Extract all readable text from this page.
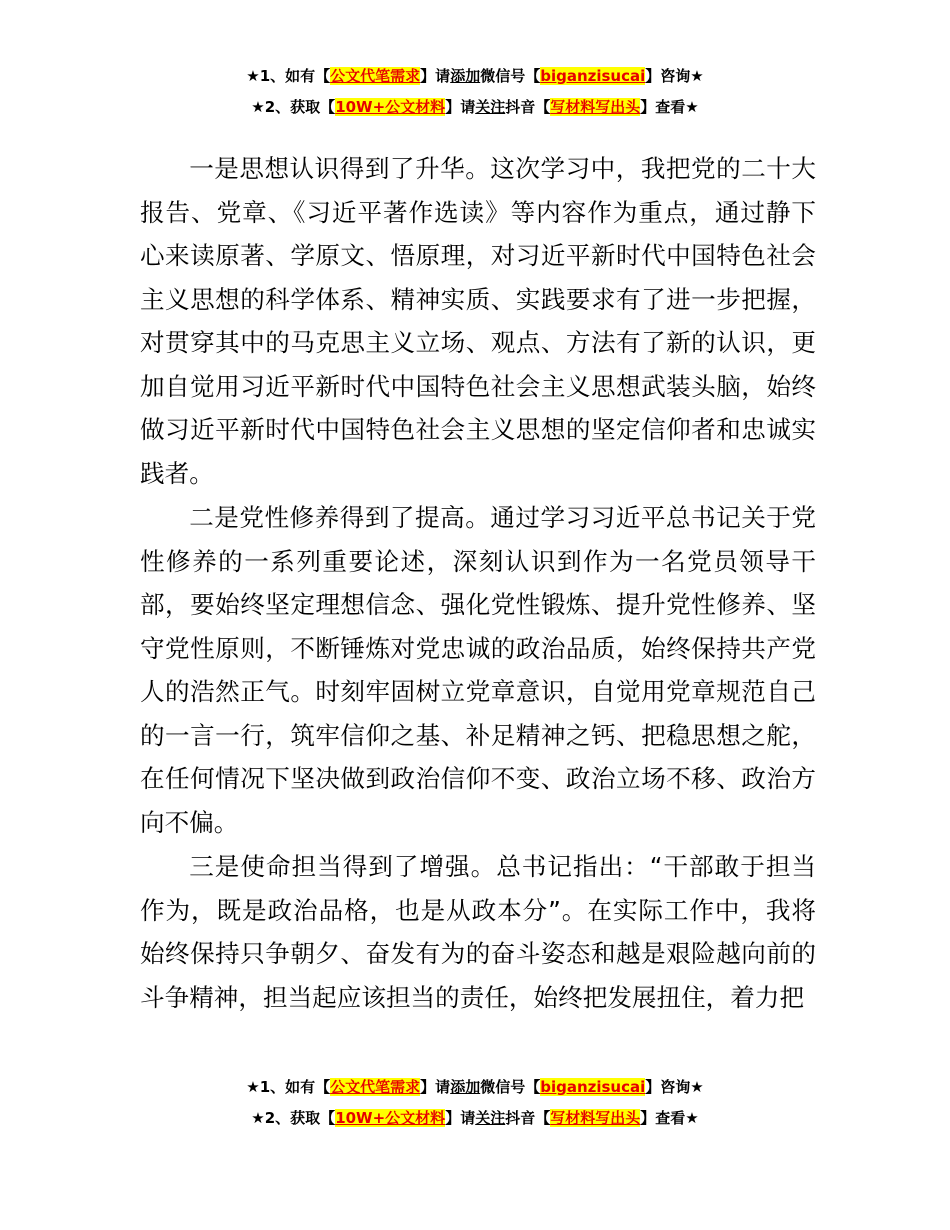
★1、如有【公文代笔需求】请添加微信号【biganzisucai】咨询★
★2、获取【10W+公文材料】请关注抖音【写材料写出头】查看★

一是思想认识得到了升华。这次学习中，我把党的二十大报告、党章、《习近平著作选读》等内容作为重点，通过静下心来读原著、学原文、悟原理，对习近平新时代中国特色社会主义思想的科学体系、精神实质、实践要求有了进一步把握，对贯穿其中的马克思主义立场、观点、方法有了新的认识，更加自觉用习近平新时代中国特色社会主义思想武装头脑，始终做习近平新时代中国特色社会主义思想的坚定信仰者和忠诚实践者。

二是党性修养得到了提高。通过学习习近平总书记关于党性修养的一系列重要论述，深刻认识到作为一名党员领导干部，要始终坚定理想信念、强化党性锻炼、提升党性修养、坚守党性原则，不断锤炼对党忠诚的政治品质，始终保持共产党人的浩然正气。时刻牢固树立党章意识，自觉用党章规范自己的一言一行，筑牢信仰之基、补足精神之钙、把稳思想之舵，在任何情况下坚决做到政治信仰不变、政治立场不移、政治方向不偏。

三是使命担当得到了增强。总书记指出：“干部敢于担当作为，既是政治品格，也是从政本分”。在实际工作中，我将始终保持只争朝夕、奋发有为的奋斗姿态和越是艰险越向前的斗争精神，担当起应该担当的责任，始终把发展扭住，着力把

★1、如有【公文代笔需求】请添加微信号【biganzisucai】咨询★
★2、获取【10W+公文材料】请关注抖音【写材料写出头】查看★
